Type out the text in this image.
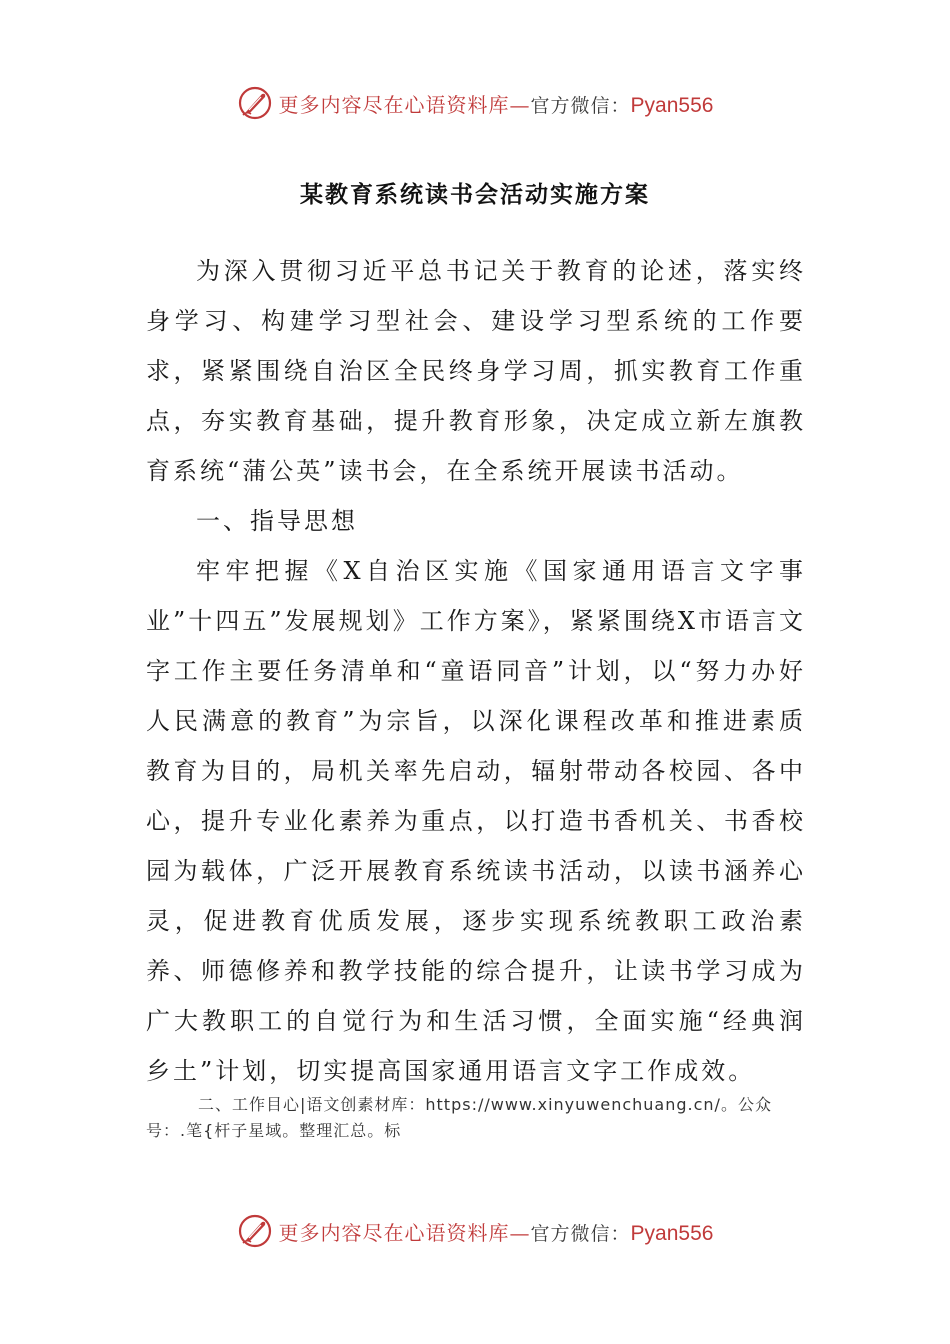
更多内容尽在心语资料库—官方微信：Pyan556
某教育系统读书会活动实施方案

为深入贯彻习近平总书记关于教育的论述，落实终身学习、构建学习型社会、建设学习型系统的工作要求，紧紧围绕自治区全民终身学习周，抓实教育工作重点，夯实教育基础，提升教育形象，决定成立新左旗教育系统“蒲公英”读书会，在全系统开展读书活动。

一、指导思想

牢牢把握《X自治区实施《国家通用语言文字事业”十四五”发展规划》工作方案》，紧紧围绕X市语言文字工作主要任务清单和“童语同音”计划，以“努力办好人民满意的教育”为宗旨，以深化课程改革和推进素质教育为目的，局机关率先启动，辐射带动各校园、各中心，提升专业化素养为重点，以打造书香机关、书香校园为载体，广泛开展教育系统读书活动，以读书涵养心灵，促进教育优质发展，逐步实现系统教职工政治素养、师德修养和教学技能的综合提升，让读书学习成为广大教职工的自觉行为和生活习惯，全面实施“经典润乡土”计划，切实提高国家通用语言文字工作成效。

二、工作目心|语文创素材库：https://www.xinyuwenchuang.cn/。公众号：.笔{杆子星域。整理汇总。标
更多内容尽在心语资料库—官方微信：Pyan556
